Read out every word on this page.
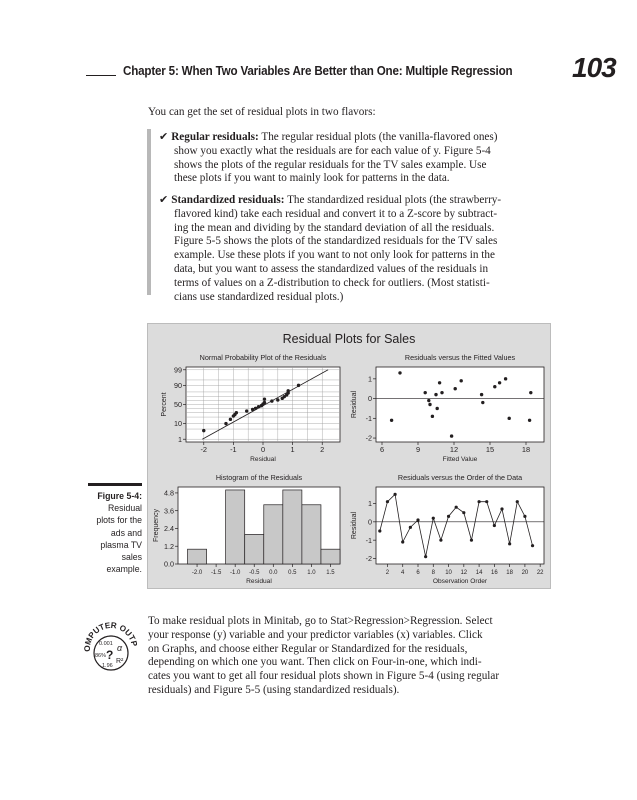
Chapter 5: When Two Variables Are Better than One: Multiple Regression 103
You can get the set of residual plots in two flavors:
✔ Regular residuals: The regular residual plots (the vanilla-flavored ones)
show you exactly what the residuals are for each value of y. Figure 5-4
shows the plots of the regular residuals for the TV sales example. Use
these plots if you want to mainly look for patterns in the data.
✔ Standardized residuals: The standardized residual plots (the strawberry-
flavored kind) take each residual and convert it to a Z-score by subtract-
ing the mean and dividing by the standard deviation of all the residuals.
Figure 5-5 shows the plots of the standardized residuals for the TV sales
example. Use these plots if you want to not only look for patterns in the
data, but you want to assess the standardized values of the residuals in
terms of values on a Z-distribution to check for outliers. (Most statisti-
cians use standardized residual plots.)
Residual Plots for Sales
Normal Probability Plot of the Residuals
Residual
Percent
-2	-1	0	1	2
1
10
50
90
99
Residuals versus the Fitted Values
Fitted Value
Residual
6	9	12	15	18
-2
-1
0
1
Histogram of the Residuals
Residual
Frequency
-2.0 -1.5 -1.0 -0.5 0.0 0.5 1.0 1.5
0.0
1.2
2.4
3.6
4.8
Residuals versus the Order of the Data
Observation Order
Residual
2 4 6 8 10 12 14 16 18 20 22
-2
-1
0
1
Figure 5-4:
Residual
plots for the
ads and
plasma TV
sales
example.
OMPUTER OUTP
0.001 α
86% ? R²
1.96
To make residual plots in Minitab, go to Stat>Regression>Regression. Select
your response (y) variable and your predictor variables (x) variables. Click
on Graphs, and choose either Regular or Standardized for the residuals,
depending on which one you want. Then click on Four-in-one, which indi-
cates you want to get all four residual plots shown in Figure 5-4 (using regular
residuals) and Figure 5-5 (using standardized residuals).
